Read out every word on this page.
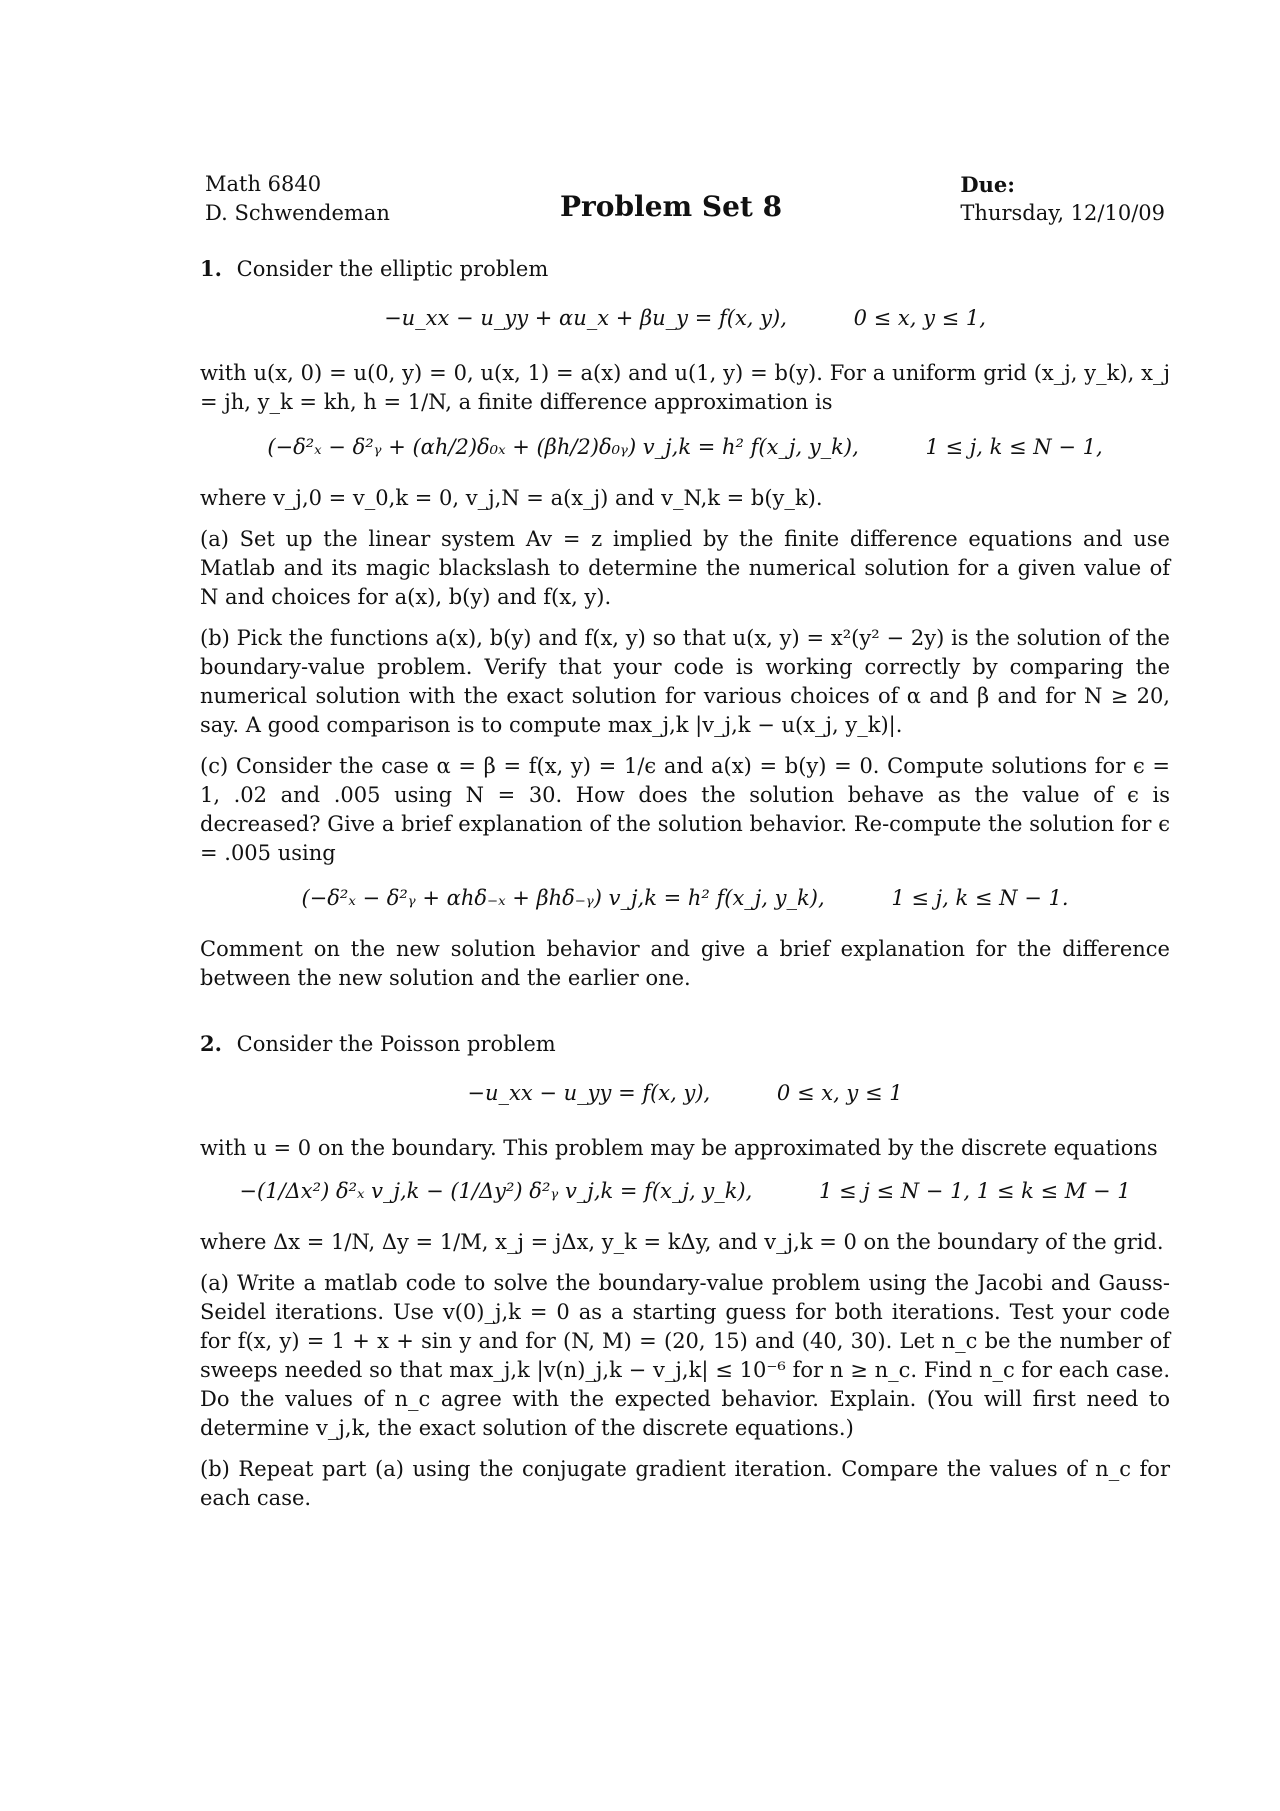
Math 6840
D. Schwendeman	Problem Set 8
Due:
Thursday, 12/10/09
1. Consider the elliptic problem
−u_xx − u_yy + αu_x + βu_y = f(x, y),	0 ≤ x, y ≤ 1,

with u(x, 0) = u(0, y) = 0, u(x, 1) = a(x) and u(1, y) = b(y). For a uniform grid (x_j, y_k), x_j = jh, y_k = kh, h = 1/N, a finite difference approximation is

(−δ²ₓ − δ²ᵧ + (αh/2)δ₀ₓ + (βh/2)δ₀ᵧ) v_j,k = h² f(x_j, y_k),	1 ≤ j, k ≤ N − 1,

where v_j,0 = v_0,k = 0, v_j,N = a(x_j) and v_N,k = b(y_k).

(a) Set up the linear system Av = z implied by the finite difference equations and use Matlab and its magic blackslash to determine the numerical solution for a given value of N and choices for a(x), b(y) and f(x, y).

(b) Pick the functions a(x), b(y) and f(x, y) so that u(x, y) = x²(y² − 2y) is the solution of the boundary-value problem. Verify that your code is working correctly by comparing the numerical solution with the exact solution for various choices of α and β and for N ≥ 20, say. A good comparison is to compute max_j,k |v_j,k − u(x_j, y_k)|.

(c) Consider the case α = β = f(x, y) = 1/ϵ and a(x) = b(y) = 0. Compute solutions for ϵ = 1, .02 and .005 using N = 30. How does the solution behave as the value of ϵ is decreased? Give a brief explanation of the solution behavior. Re-compute the solution for ϵ = .005 using

(−δ²ₓ − δ²ᵧ + αhδ₋ₓ + βhδ₋ᵧ) v_j,k = h² f(x_j, y_k),	1 ≤ j, k ≤ N − 1.

Comment on the new solution behavior and give a brief explanation for the difference between the new solution and the earlier one.

2. Consider the Poisson problem
−u_xx − u_yy = f(x, y),	0 ≤ x, y ≤ 1

with u = 0 on the boundary. This problem may be approximated by the discrete equations

−(1/Δx²) δ²ₓ v_j,k − (1/Δy²) δ²ᵧ v_j,k = f(x_j, y_k),	1 ≤ j ≤ N − 1, 1 ≤ k ≤ M − 1

where Δx = 1/N, Δy = 1/M, x_j = jΔx, y_k = kΔy, and v_j,k = 0 on the boundary of the grid.

(a) Write a matlab code to solve the boundary-value problem using the Jacobi and Gauss-Seidel iterations. Use v(0)_j,k = 0 as a starting guess for both iterations. Test your code for f(x, y) = 1 + x + sin y and for (N, M) = (20, 15) and (40, 30). Let n_c be the number of sweeps needed so that max_j,k |v(n)_j,k − v_j,k| ≤ 10⁻⁶ for n ≥ n_c. Find n_c for each case. Do the values of n_c agree with the expected behavior. Explain. (You will first need to determine v_j,k, the exact solution of the discrete equations.)

(b) Repeat part (a) using the conjugate gradient iteration. Compare the values of n_c for each case.
